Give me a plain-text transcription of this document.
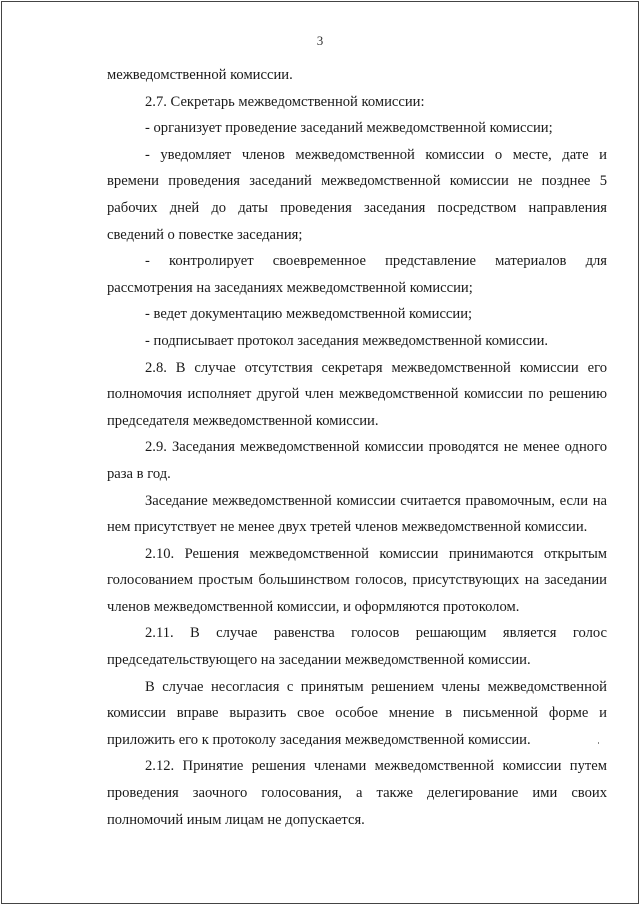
3

межведомственной комиссии.

2.7. Секретарь межведомственной комиссии:

- организует проведение заседаний межведомственной комиссии;

- уведомляет членов межведомственной комиссии о месте, дате и времени проведения заседаний межведомственной комиссии не позднее 5 рабочих дней до даты проведения заседания посредством направления сведений о повестке заседания;

- контролирует своевременное представление материалов для рассмотрения на заседаниях межведомственной комиссии;

- ведет документацию межведомственной комиссии;

- подписывает протокол заседания межведомственной комиссии.

2.8. В случае отсутствия секретаря межведомственной комиссии его полномочия исполняет другой член межведомственной комиссии по решению председателя межведомственной комиссии.

2.9. Заседания межведомственной комиссии проводятся не менее одного раза в год.

Заседание межведомственной комиссии считается правомочным, если на нем присутствует не менее двух третей членов межведомственной комиссии.

2.10. Решения межведомственной комиссии принимаются открытым голосованием простым большинством голосов, присутствующих на заседании членов межведомственной комиссии, и оформляются протоколом.

2.11. В случае равенства голосов решающим является голос председательствующего на заседании межведомственной комиссии.

В случае несогласия с принятым решением члены межведомственной комиссии вправе выразить свое особое мнение в письменной форме и приложить его к протоколу заседания межведомственной комиссии.

2.12. Принятие решения членами межведомственной комиссии путем проведения заочного голосования, а также делегирование ими своих полномочий иным лицам не допускается.
